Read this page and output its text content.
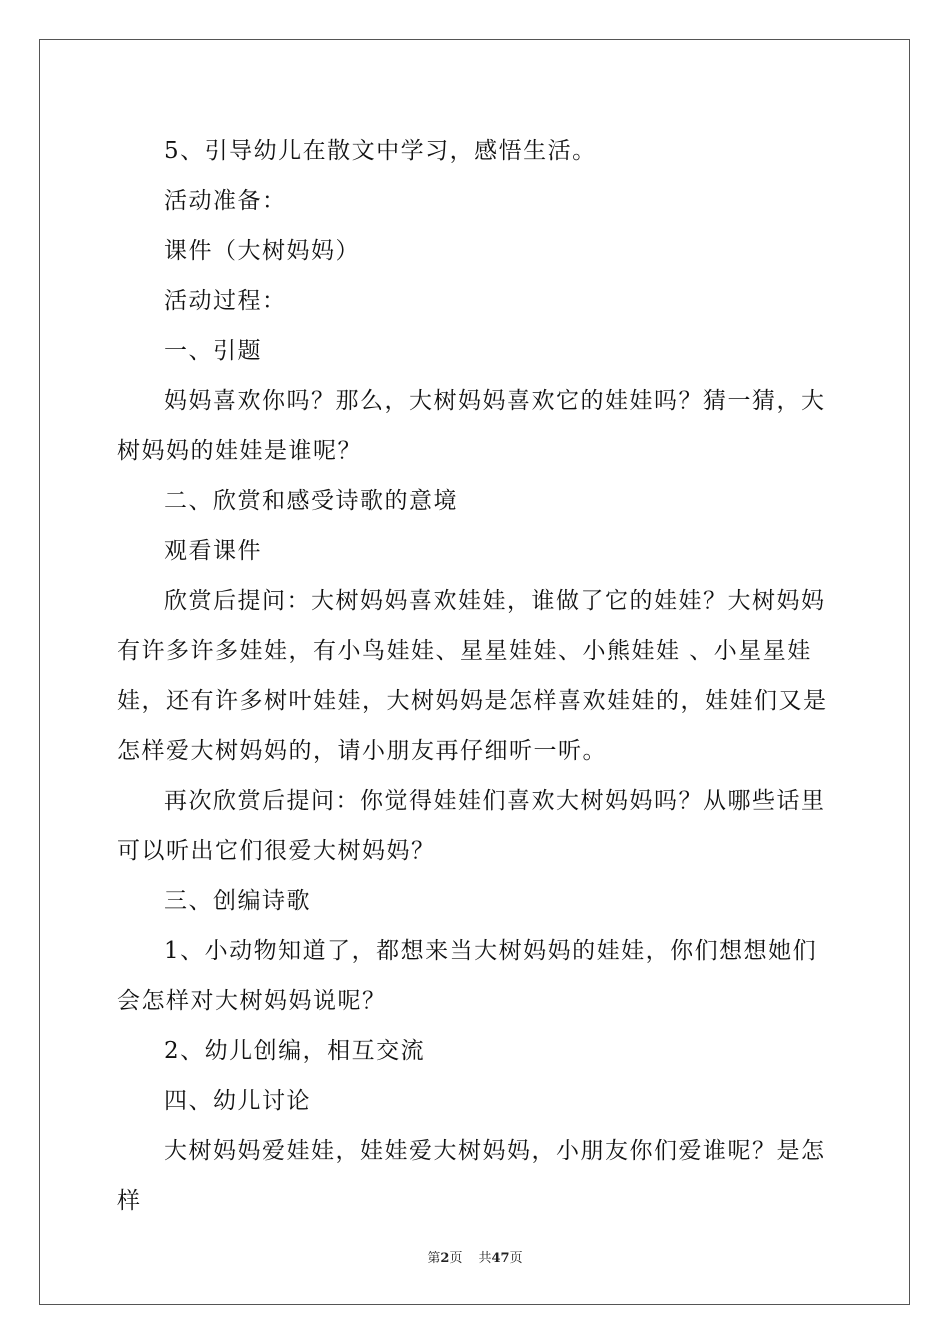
5、引导幼儿在散文中学习，感悟生活。

活动准备：

课件（大树妈妈）

活动过程：

一、引题

妈妈喜欢你吗？那么，大树妈妈喜欢它的娃娃吗？猜一猜，大树妈妈的娃娃是谁呢？

二、欣赏和感受诗歌的意境

观看课件

欣赏后提问：大树妈妈喜欢娃娃，谁做了它的娃娃？大树妈妈有许多许多娃娃，有小鸟娃娃、星星娃娃、小熊娃娃 、小星星娃娃，还有许多树叶娃娃，大树妈妈是怎样喜欢娃娃的，娃娃们又是怎样爱大树妈妈的，请小朋友再仔细听一听。

再次欣赏后提问：你觉得娃娃们喜欢大树妈妈吗？从哪些话里可以听出它们很爱大树妈妈？

三、创编诗歌

1、小动物知道了，都想来当大树妈妈的娃娃，你们想想她们会怎样对大树妈妈说呢？

2、幼儿创编，相互交流

四、幼儿讨论

大树妈妈爱娃娃，娃娃爱大树妈妈，小朋友你们爱谁呢？是怎样

第2页 共47页
